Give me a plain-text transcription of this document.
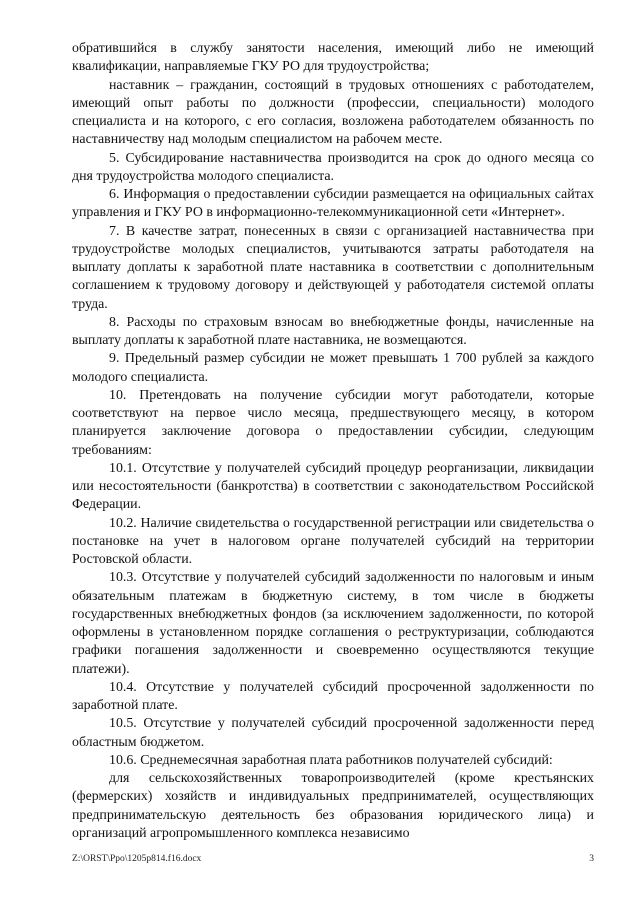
обратившийся в службу занятости населения, имеющий либо не имеющий квалификации, направляемые ГКУ РО для трудоустройства;

наставник – гражданин, состоящий в трудовых отношениях с работодателем, имеющий опыт работы по должности (профессии, специальности) молодого специалиста и на которого, с его согласия, возложена работодателем обязанность по наставничеству над молодым специалистом на рабочем месте.

5. Субсидирование наставничества производится на срок до одного месяца со дня трудоустройства молодого специалиста.

6. Информация о предоставлении субсидии размещается на официальных сайтах управления и ГКУ РО в информационно-телекоммуникационной сети «Интернет».

7. В качестве затрат, понесенных в связи с организацией наставничества при трудоустройстве молодых специалистов, учитываются затраты работодателя на выплату доплаты к заработной плате наставника в соответствии с дополнительным соглашением к трудовому договору и действующей у работодателя системой оплаты труда.

8. Расходы по страховым взносам во внебюджетные фонды, начисленные на выплату доплаты к заработной плате наставника, не возмещаются.

9. Предельный размер субсидии не может превышать 1 700 рублей за каждого молодого специалиста.

10. Претендовать на получение субсидии могут работодатели, которые соответствуют на первое число месяца, предшествующего месяцу, в котором планируется заключение договора о предоставлении субсидии, следующим требованиям:

10.1. Отсутствие у получателей субсидий процедур реорганизации, ликвидации или несостоятельности (банкротства) в соответствии с законодательством Российской Федерации.

10.2. Наличие свидетельства о государственной регистрации или свидетельства о постановке на учет в налоговом органе получателей субсидий на территории Ростовской области.

10.3. Отсутствие у получателей субсидий задолженности по налоговым и иным обязательным платежам в бюджетную систему, в том числе в бюджеты государственных внебюджетных фондов (за исключением задолженности, по которой оформлены в установленном порядке соглашения о реструктуризации, соблюдаются графики погашения задолженности и своевременно осуществляются текущие платежи).

10.4. Отсутствие у получателей субсидий просроченной задолженности по заработной плате.

10.5. Отсутствие у получателей субсидий просроченной задолженности перед областным бюджетом.

10.6. Среднемесячная заработная плата работников получателей субсидий:

для сельскохозяйственных товаропроизводителей (кроме крестьянских (фермерских) хозяйств и индивидуальных предпринимателей, осуществляющих предпринимательскую деятельность без образования юридического лица) и организаций агропромышленного комплекса независимо

Z:\ORST\Ppo\1205p814.f16.docx	3
